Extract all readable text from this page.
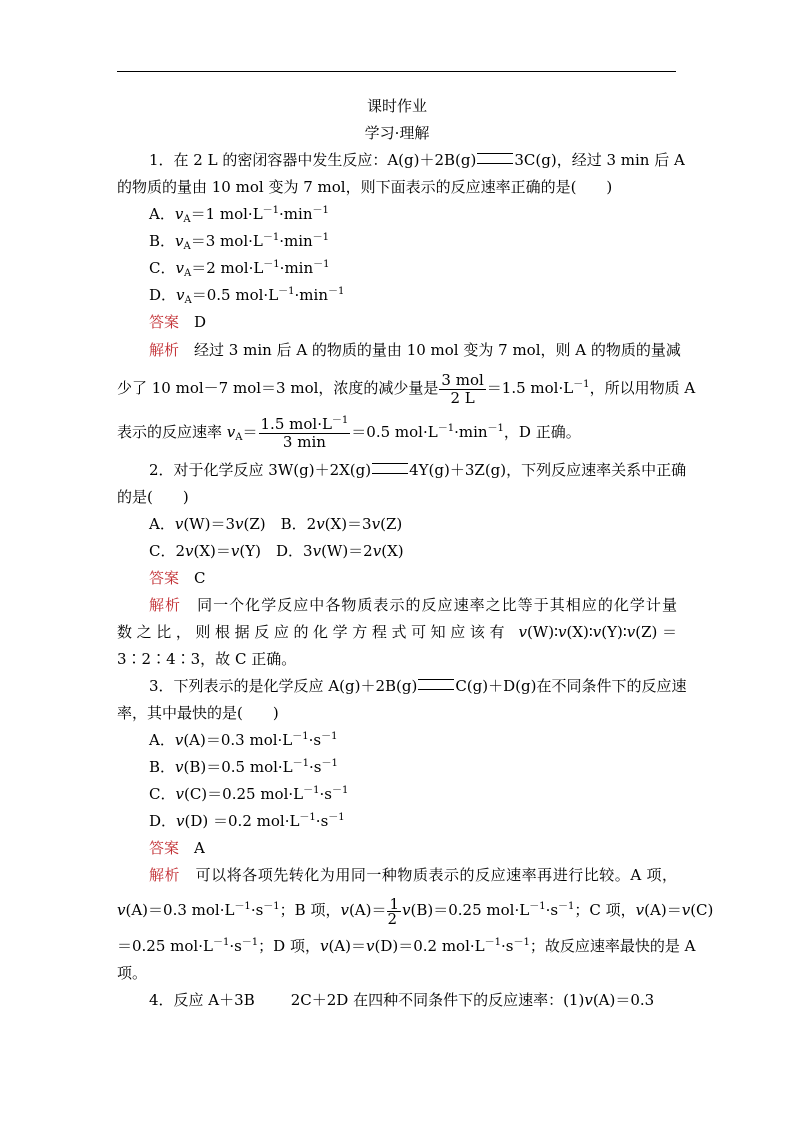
课时作业
学习·理解
1．在 2 L 的密闭容器中发生反应：A(g)＋2B(g)	3C(g)，经过 3 min 后 A
的物质的量由 10 mol 变为 7 mol，则下面表示的反应速率正确的是(　　)
A．$v_A=1$ $mol\cdot L^{-1}\cdot\min^{-1}$
B．$v_A=3$ $mol\cdot L^{-1}\cdot\min^{-1}$
C．$v_A=2$ $mol\cdot L^{-1}\cdot\min^{-1}$
D．$v_A=0.5$ $mol\cdot L^{-1}\cdot\min^{-1}$
答案　 D
解析　 经过 3 min 后 A 的物质的量由 10 mol 变为 7 mol，则 A 的物质的量减
少了 10 mol－7 mol＝3 mol，浓度的减少量是 $\frac{\text{3 mol}}{2 L} =1.5$ $mol\cdot L^{-1}$，所以用物质 A
表示的反应速率 $v_A= \frac{1.5 mol\cdot L^{-1}}{3 \min} =0.5$ $mol\cdot L^{-1}\cdot\min^{-1}$，D 正确。
2．对于化学反应 3W(g)＋2X(g)	4Y(g)＋3Z(g)，下列反应速率关系中正确
的是(　　)
A．v(W)＝3v(Z)　B．2v(X)＝3v(Z)
C．2v(X)＝v(Y)　D．3v(W)＝2v(X)
答案　 C
解析　 同一个化学反应中各物质表示的反应速率之比等于其相应的化学计量
数之比，则根据反应的化学方程式可知应该有 v(W)∶v(X)∶v(Y)∶v(Z)＝
3∶2∶4∶3，故 C 正确。
3．下列表示的是化学反应 A(g)＋2B(g)	C(g)＋D(g)在不同条件下的反应速
率，其中最快的是(　　)
A．v(A)＝0.3 $mol\cdot L^{-1}\cdot s^{-1}$
B．v(B)＝0.5 $mol\cdot L^{-1}\cdot s^{-1}$
C．v(C)＝0.25 $mol\cdot L^{-1}\cdot s^{-1}$
D．v(D) ＝0.2 $mol\cdot L^{-1}\cdot s^{-1}$
答案　 A
解析　 可以将各项先转化为用同一种物质表示的反应速率再进行比较。A 项，
v(A)＝0.3 $mol\cdot L^{-1}\cdot s^{-1}$；B 项，$v(A)= \frac{1}{2} v(B)=0.25$ $mol\cdot L^{-1}\cdot s^{-1}$；C 项，v(A)＝v(C)
＝0.25 $mol\cdot L^{-1}\cdot s^{-1}$；D 项，v(A)＝v(D)＝0.2 $mol\cdot L^{-1}\cdot s^{-1}$；故反应速率最快的是 A
项。
4．反应 A＋3B 2C＋2D 在四种不同条件下的反应速率：(1)v(A)＝0.3
